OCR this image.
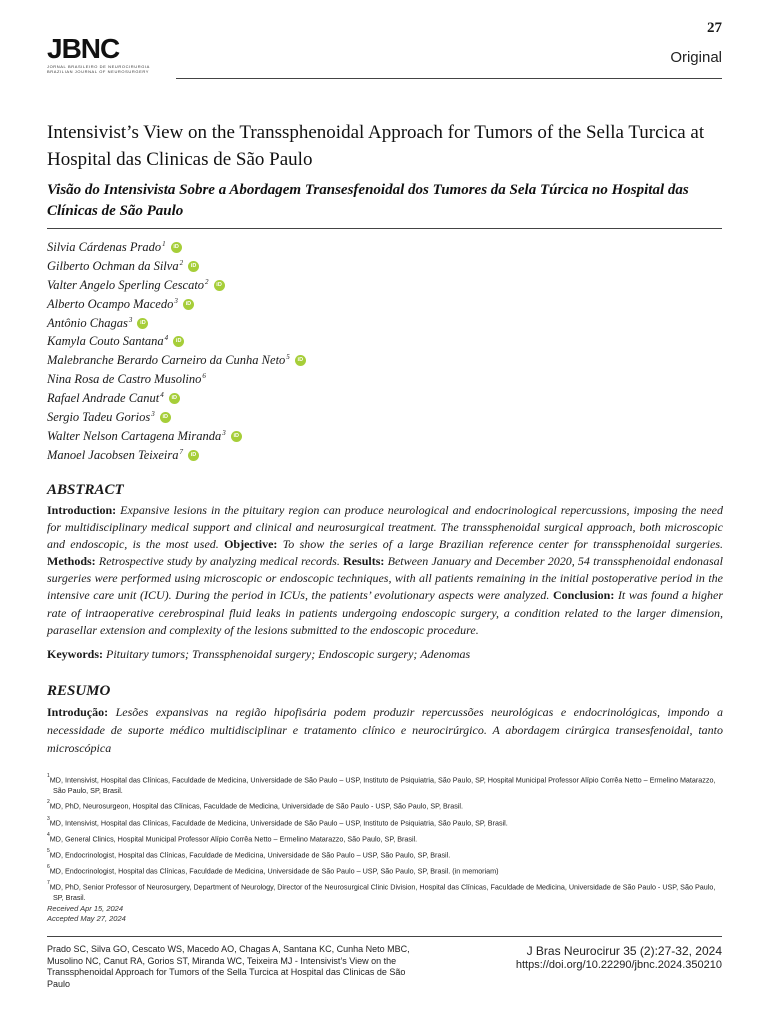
27
JBNC
JORNAL BRASILEIRO DE NEUROCIRURGIA
BRAZILIAN JOURNAL OF NEUROSURGERY
Original
Intensivist’s View on the Transsphenoidal Approach for Tumors of the Sella Turcica at Hospital das Clinicas de São Paulo
Visão do Intensivista Sobre a Abordagem Transesfenoidal dos Tumores da Sela Túrcica no Hospital das Clínicas de São Paulo
Silvia Cárdenas Prado$^1$	iD
Gilberto Ochman da Silva$^2$	iD
Valter Angelo Sperling Cescato$^2$	iD
Alberto Ocampo Macedo$^3$	iD
Antônio Chagas$^3$	iD
Kamyla Couto Santana$^4$	iD
Malebranche Berardo Carneiro da Cunha Neto$^5$	iD
Nina Rosa de Castro Musolino$^6$
Rafael Andrade Canut$^4$	iD
Sergio Tadeu Gorios$^3$	iD
Walter Nelson Cartagena Miranda$^3$	iD
Manoel Jacobsen Teixeira$^7$	iD
ABSTRACT

Introduction: Expansive lesions in the pituitary region can produce neurological and endocrinological repercussions, imposing the need for multidisciplinary medical support and clinical and neurosurgical treatment. The transsphenoidal surgical approach, both microscopic and endoscopic, is the most used. Objective: To show the series of a large Brazilian reference center for transsphenoidal surgeries. Methods: Retrospective study by analyzing medical records. Results: Between January and December 2020, 54 transsphenoidal endonasal surgeries were performed using microscopic or endoscopic techniques, with all patients remaining in the initial postoperative period in the intensive care unit (ICU). During the period in ICUs, the patients’ evolutionary aspects were analyzed. Conclusion: It was found a higher rate of intraoperative cerebrospinal fluid leaks in patients undergoing endoscopic surgery, a condition related to the larger dimension, parasellar extension and complexity of the lesions submitted to the endoscopic procedure.

Keywords: Pituitary tumors; Transsphenoidal surgery; Endoscopic surgery; Adenomas

RESUMO

Introdução: Lesões expansivas na região hipofisária podem produzir repercussões neurológicas e endocrinológicas, impondo a necessidade de suporte médico multidisciplinar e tratamento clínico e neurocirúrgico. A abordagem cirúrgica transesfenoidal, tanto microscópica

$^1$MD, Intensivist, Hospital das Clínicas, Faculdade de Medicina, Universidade de São Paulo – USP, Instituto de Psiquiatria, São Paulo, SP, Hospital Municipal Professor Alípio Corrêa Netto – Ermelino Matarazzo, São Paulo, SP, Brasil.
$^2$MD, PhD, Neurosurgeon, Hospital das Clínicas, Faculdade de Medicina, Universidade de São Paulo - USP, São Paulo, SP, Brasil.
$^3$MD, Intensivist, Hospital das Clínicas, Faculdade de Medicina, Universidade de São Paulo – USP, Instituto de Psiquiatria, São Paulo, SP, Brasil.
$^4$MD, General Clinics, Hospital Municipal Professor Alípio Corrêa Netto – Ermelino Matarazzo, São Paulo, SP, Brasil.
$^5$MD, Endocrinologist, Hospital das Clínicas, Faculdade de Medicina, Universidade de São Paulo – USP, São Paulo, SP, Brasil.
$^6$MD, Endocrinologist, Hospital das Clínicas, Faculdade de Medicina, Universidade de São Paulo – USP, São Paulo, SP, Brasil. (in memoriam)
$^7$MD, PhD, Senior Professor of Neurosurgery, Department of Neurology, Director of the Neurosurgical Clinic Division, Hospital das Clínicas, Faculdade de Medicina, Universidade de São Paulo - USP, São Paulo, SP, Brasil.
Received Apr 15, 2024
Accepted May 27, 2024
Prado SC, Silva GO, Cescato WS, Macedo AO, Chagas A, Santana KC, Cunha Neto MBC, Musolino NC, Canut RA, Gorios ST, Miranda WC, Teixeira MJ - Intensivist’s View on the Transsphenoidal Approach for Tumors of the Sella Turcica at Hospital das Clinicas de São Paulo
J Bras Neurocirur 35 (2):27-32, 2024
https://doi.org/10.22290/jbnc.2024.350210
